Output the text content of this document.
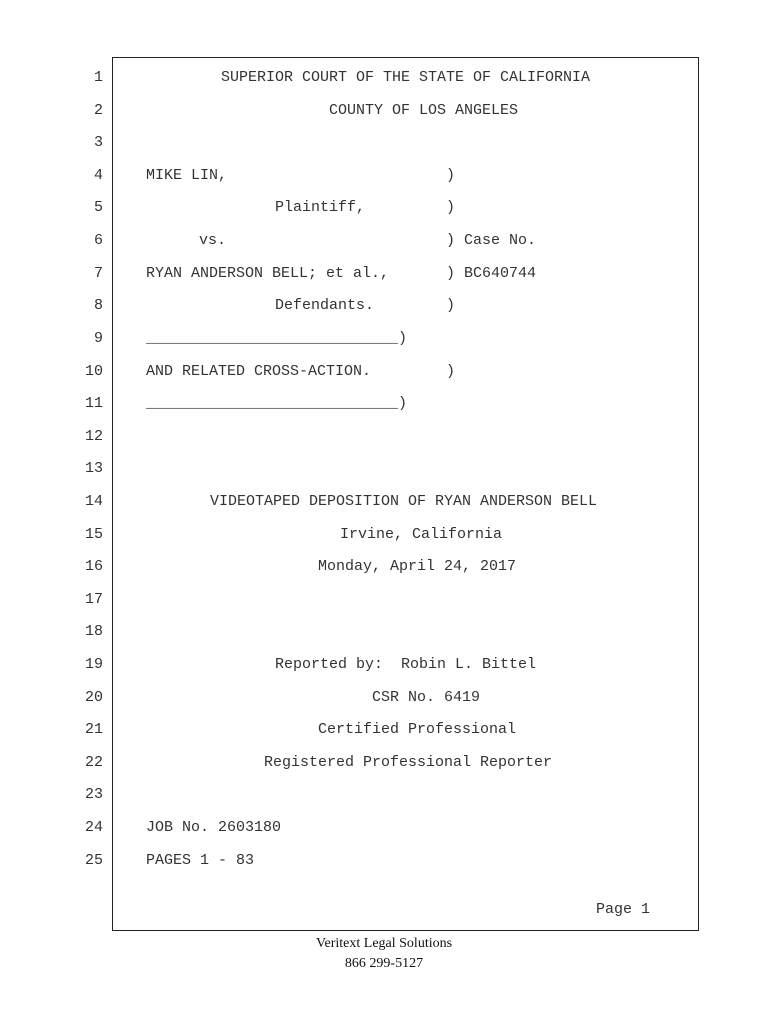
1
2
3
4
5
6
7
8
9
10
11
12
13
14
15
16
17
18
19
20
21
22
23
24
25
SUPERIOR COURT OF THE STATE OF CALIFORNIA
COUNTY OF LOS ANGELES
MIKE LIN,	)
Plaintiff,	)
vs.	) Case No.
RYAN ANDERSON BELL; et al.,	) BC640744
Defendants.	)
____________________________)
AND RELATED CROSS-ACTION.	)
____________________________)
VIDEOTAPED DEPOSITION OF RYAN ANDERSON BELL
Irvine, California
Monday, April 24, 2017
Reported by:  Robin L. Bittel
CSR No. 6419
Certified Professional
Registered Professional Reporter
JOB No. 2603180
PAGES 1 - 83
Page 1
Veritext Legal Solutions
866 299-5127
